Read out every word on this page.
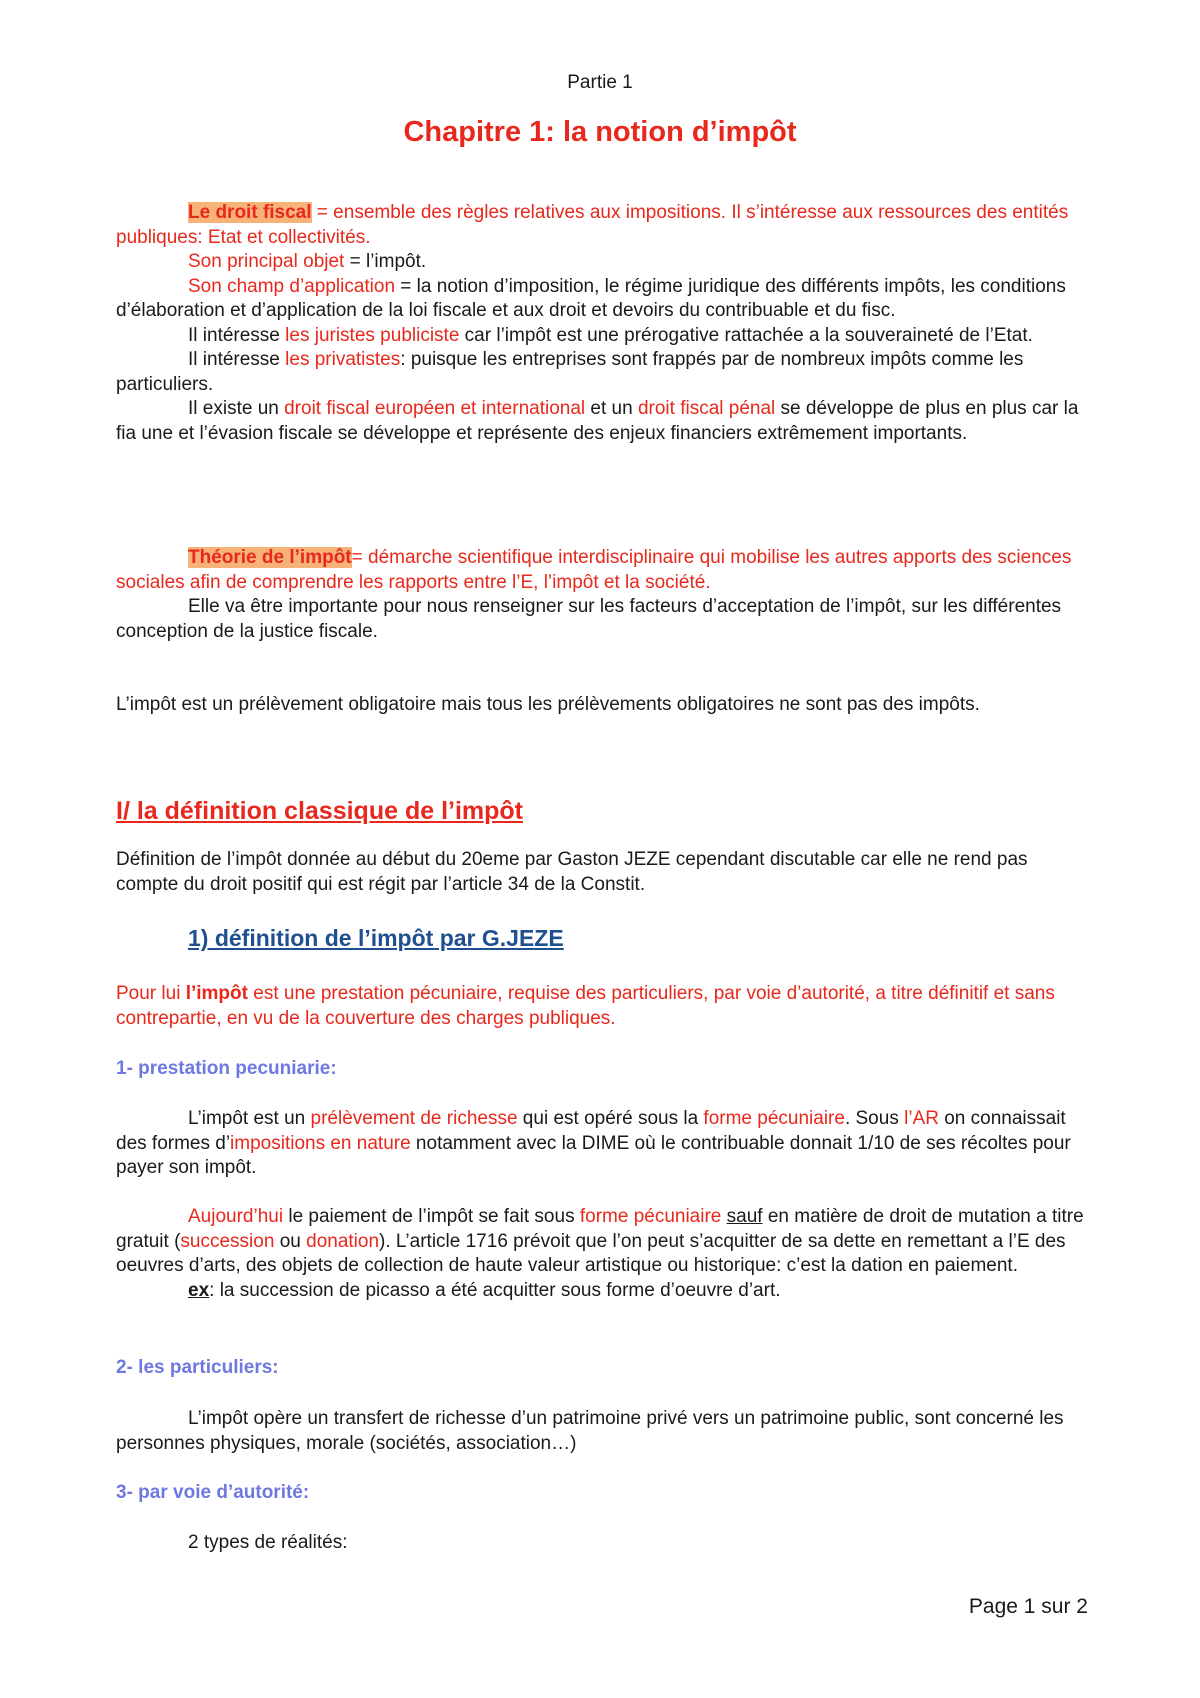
Partie 1
Chapitre 1: la notion d’impôt

Le droit fiscal = ensemble des règles relatives aux impositions. Il s’intéresse aux ressources des entités publiques: Etat et collectivités.

Son principal objet = l’impôt.

Son champ d’application = la notion d’imposition, le régime juridique des différents impôts, les conditions d’élaboration et d’application de la loi fiscale et aux droit et devoirs du contribuable et du fisc.

Il intéresse les juristes publiciste car l’impôt est une prérogative rattachée a la souveraineté de l’Etat.

Il intéresse les privatistes: puisque les entreprises sont frappés par de nombreux impôts comme les particuliers.

Il existe un droit fiscal européen et international et un droit fiscal pénal se développe de plus en plus car la fia une et l’évasion fiscale se développe et représente des enjeux financiers extrêmement importants.

Théorie de l’impôt= démarche scientifique interdisciplinaire qui mobilise les autres apports des sciences sociales afin de comprendre les rapports entre l’E, l’impôt et la société.

Elle va être importante pour nous renseigner sur les facteurs d’acceptation de l’impôt, sur les différentes conception de la justice fiscale.

L’impôt est un prélèvement obligatoire mais tous les prélèvements obligatoires ne sont pas des impôts.

I/ la définition classique de l’impôt

Définition de l’impôt donnée au début du 20eme par Gaston JEZE cependant discutable car elle ne rend pas compte du droit positif qui est régit par l’article 34 de la Constit.

1) définition de l’impôt par G.JEZE

Pour lui l’impôt est une prestation pécuniaire, requise des particuliers, par voie d’autorité, a titre définitif et sans contrepartie, en vu de la couverture des charges publiques.

1- prestation pecuniarie:

L’impôt est un prélèvement de richesse qui est opéré sous la forme pécuniaire. Sous l’AR on connaissait des formes d’impositions en nature notamment avec la DIME où le contribuable donnait 1/10 de ses récoltes pour payer son impôt.

Aujourd’hui le paiement de l’impôt se fait sous forme pécuniaire sauf en matière de droit de mutation a titre gratuit (succession ou donation). L’article 1716 prévoit que l’on peut s’acquitter de sa dette en remettant a l’E des oeuvres d’arts, des objets de collection de haute valeur artistique ou historique: c’est la dation en paiement.

ex: la succession de picasso a été acquitter sous forme d’oeuvre d’art.

2- les particuliers:

L’impôt opère un transfert de richesse d’un patrimoine privé vers un patrimoine public, sont concerné les personnes physiques, morale (sociétés, association…)

3- par voie d’autorité:

2 types de réalités:

Page 1 sur 2
